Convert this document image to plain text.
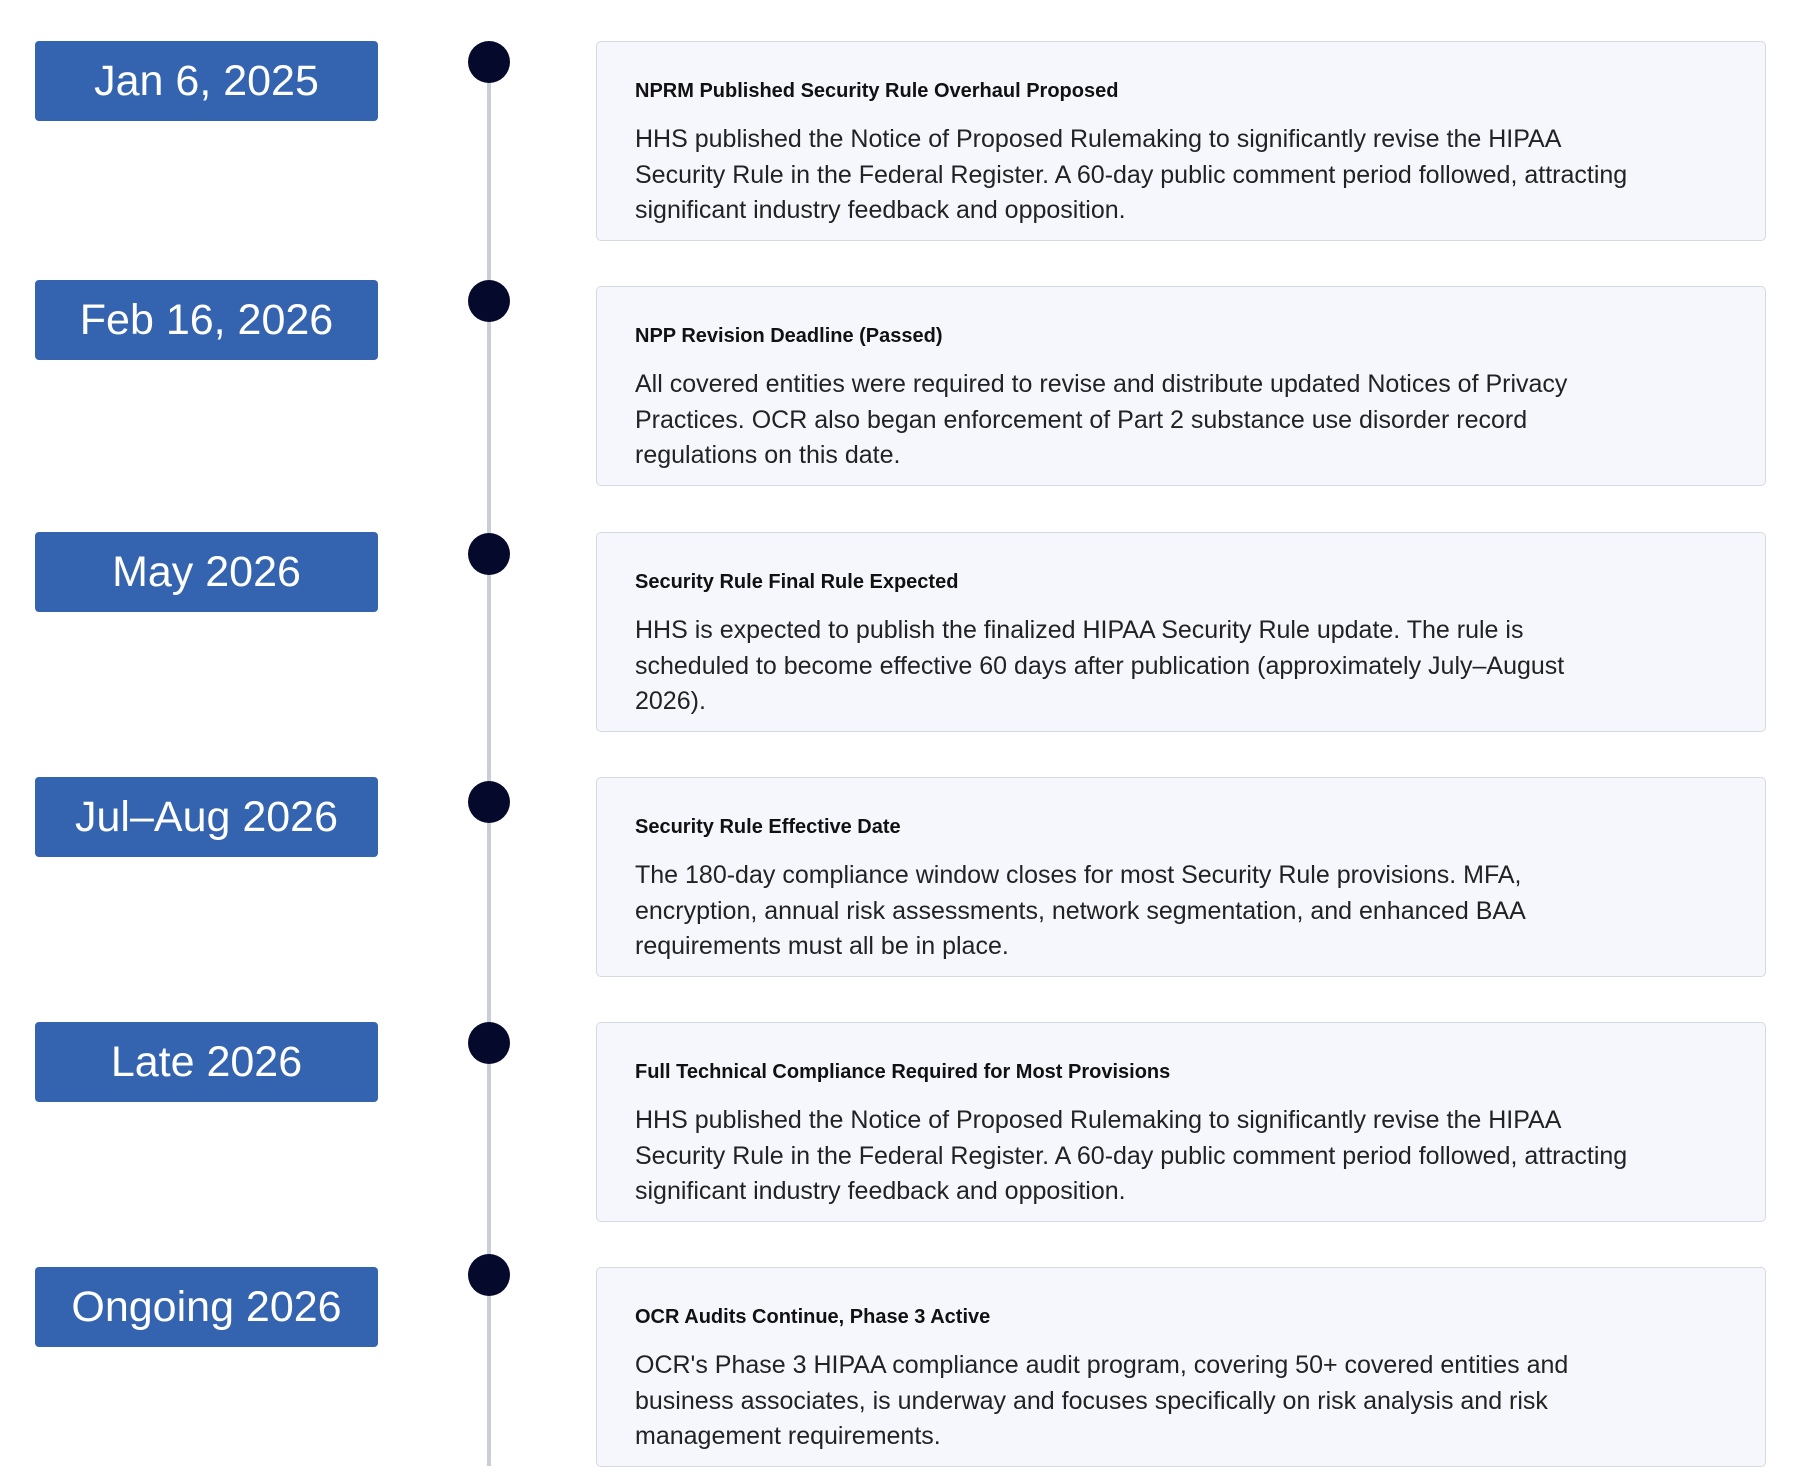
Jan 6, 2025	NPRM Published Security Rule Overhaul Proposed
HHS published the Notice of Proposed Rulemaking to significantly revise the HIPAA Security Rule in the Federal Register. A 60-day public comment period followed, attracting significant industry feedback and opposition.
Feb 16, 2026	NPP Revision Deadline (Passed)
All covered entities were required to revise and distribute updated Notices of Privacy Practices. OCR also began enforcement of Part 2 substance use disorder record regulations on this date.
May 2026	Security Rule Final Rule Expected
HHS is expected to publish the finalized HIPAA Security Rule update. The rule is scheduled to become effective 60 days after publication (approximately July–August 2026).
Jul–Aug 2026	Security Rule Effective Date
The 180-day compliance window closes for most Security Rule provisions. MFA, encryption, annual risk assessments, network segmentation, and enhanced BAA requirements must all be in place.
Late 2026	Full Technical Compliance Required for Most Provisions
HHS published the Notice of Proposed Rulemaking to significantly revise the HIPAA Security Rule in the Federal Register. A 60-day public comment period followed, attracting significant industry feedback and opposition.
Ongoing 2026	OCR Audits Continue, Phase 3 Active
OCR's Phase 3 HIPAA compliance audit program, covering 50+ covered entities and business associates, is underway and focuses specifically on risk analysis and risk management requirements.
